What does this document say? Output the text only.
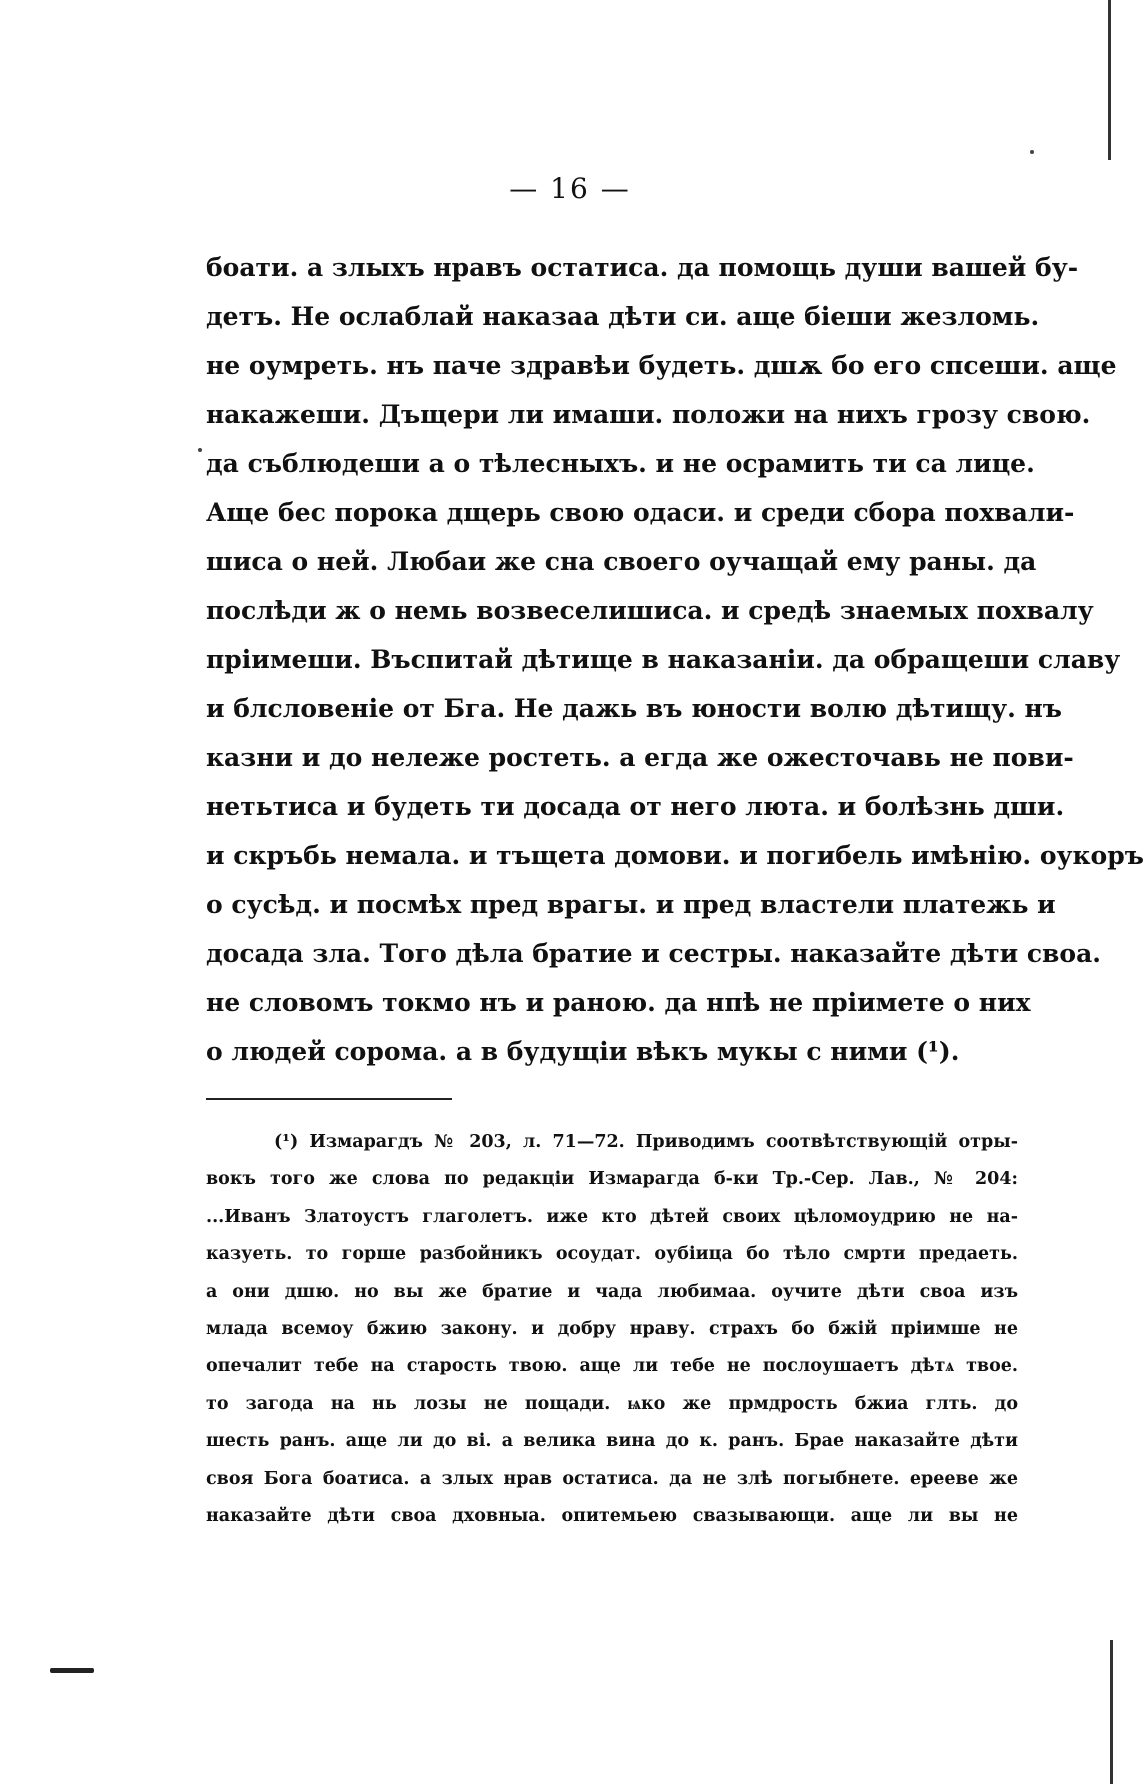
— 16 —
боати. а злыхъ нравъ остатиса. да помощь души вашей бу-
детъ. Не ослаблай наказаа дѣти си. аще біеши жезломь.
не оумреть. нъ паче здравѣи будеть. дшѫ бо его спсеши. аще
накажеши. Дъщери ли имаши. положи на нихъ грозу свою.
да съблюдеши а о тѣлесныхъ. и не осрамить ти са лице.
Аще бес порока дщерь свою одаси. и среди сбора похвали-
шиса о ней. Любаи же сна своего оучащай ему раны. да
послѣди ж о немь возвеселишиса. и средѣ знаемых похвалу
пріимеши. Въспитай дѣтище в наказаніи. да обращеши славу
и блсловеніе от Бга. Не дажь въ юности волю дѣтищу. нъ
казни и до нележе ростеть. а егда же ожесточавь не пови-
нетьтиса и будеть ти досада от него люта. и болѣзнь дши.
и скръбь немала. и тъщета домови. и погибель имѣнію. оукоръ
о сусѣд. и посмѣх пред врагы. и пред властели платежь и
досада зла. Того дѣла братие и сестры. наказайте дѣти своа.
не словомъ токмо нъ и раною. да нпѣ не пріимете о них
о людей сорома. а в будущіи вѣкъ мукы с ними (¹).
(¹) Измарагдъ № 203, л. 71—72. Приводимъ соотвѣтствующій отры-
вокъ того же слова по редакціи Измарагда б-ки Тр.-Сер. Лав., № 204:
...Иванъ Златоустъ глаголетъ. иже кто дѣтей своих цѣломоудрию не на-
казуеть. то горше разбойникъ осоудат. оубіица бо тѣло смрти предаеть.
а они дшю. но вы же братие и чада любимаа. оучите дѣти своа изъ
млада всемоу бжию закону. и добру нраву. страхъ бо бжій пріимше не
опечалит тебе на старость твою. аще ли тебе не послоушаетъ дѣтѧ твое.
то загода на нь лозы не пощади. ѩко же прмдрость бжиа глть. до
шесть ранъ. аще ли до ві. а велика вина до к. ранъ. Брае наказайте дѣти
своя Бога боатиса. а злых нрав остатиса. да не злѣ погыбнете. ерееве же
наказайте дѣти своа дховныа. опитемьею свазывающи. аще ли вы не
